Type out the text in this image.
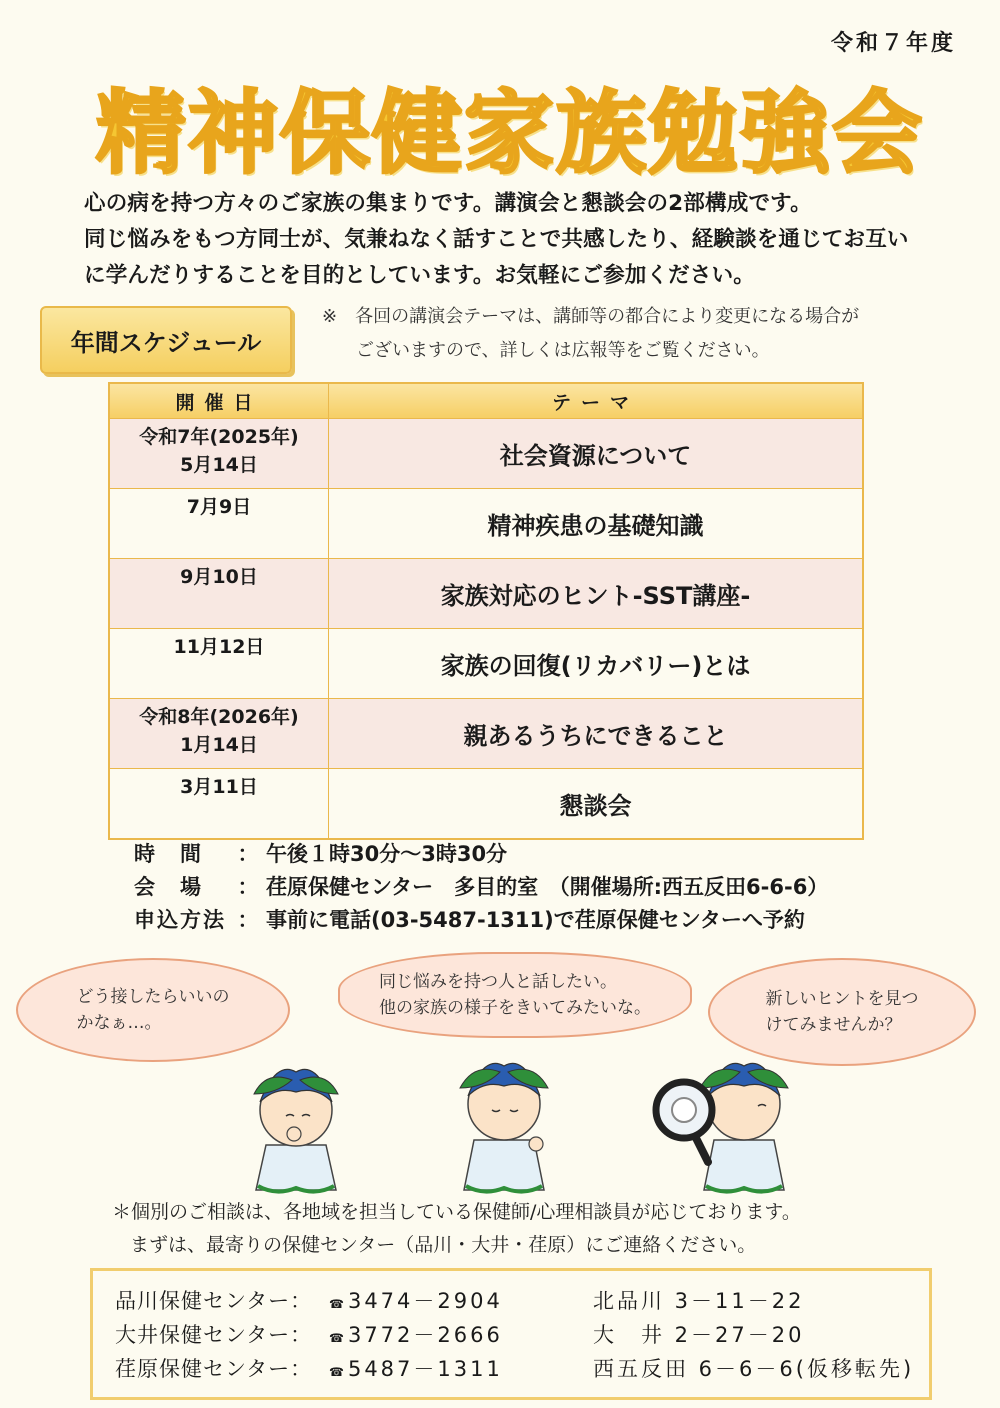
令和７年度
精神保健家族勉強会

心の病を持つ方々のご家族の集まりです。講演会と懇談会の2部構成です。

同じ悩みをもつ方同士が、気兼ねなく話すことで共感したり、経験談を通じてお互い

に学んだりすることを目的としています。お気軽にご参加ください。

年間スケジュール
※　各回の講演会テーマは、講師等の都合により変更になる場合が
ございますので、詳しくは広報等をご覧ください。
開催日	テーマ

令和7年(2025年)
5月14日	社会資源について

7月9日	精神疾患の基礎知識

9月10日	家族対応のヒント-SST講座-

11月12日	家族の回復(リカバリー)とは

令和8年(2026年)
1月14日	親あるうちにできること

3月11日	懇談会
時　間	： 午後１時30分～3時30分
会　場	： 荏原保健センター　多目的室　（開催場所:西五反田6-6-6）
申込方法 ： 事前に電話(03-5487-1311)で荏原保健センターへ予約
どう接したらいいの
かなぁ…。
同じ悩みを持つ人と話したい。
他の家族の様子をきいてみたいな。	新しいヒントを見つ
けてみませんか？
＊個別のご相談は、各地域を担当している保健師/心理相談員が応じております。
まずは、最寄りの保健センター（品川・大井・荏原）にご連絡ください。
品川保健センター：	☎ 3474－2904	北品川 3－11－22
大井保健センター：	☎ 3772－2666	大　井 2－27－20
荏原保健センター：	☎ 5487－1311	西五反田 6－6－6(仮移転先)
